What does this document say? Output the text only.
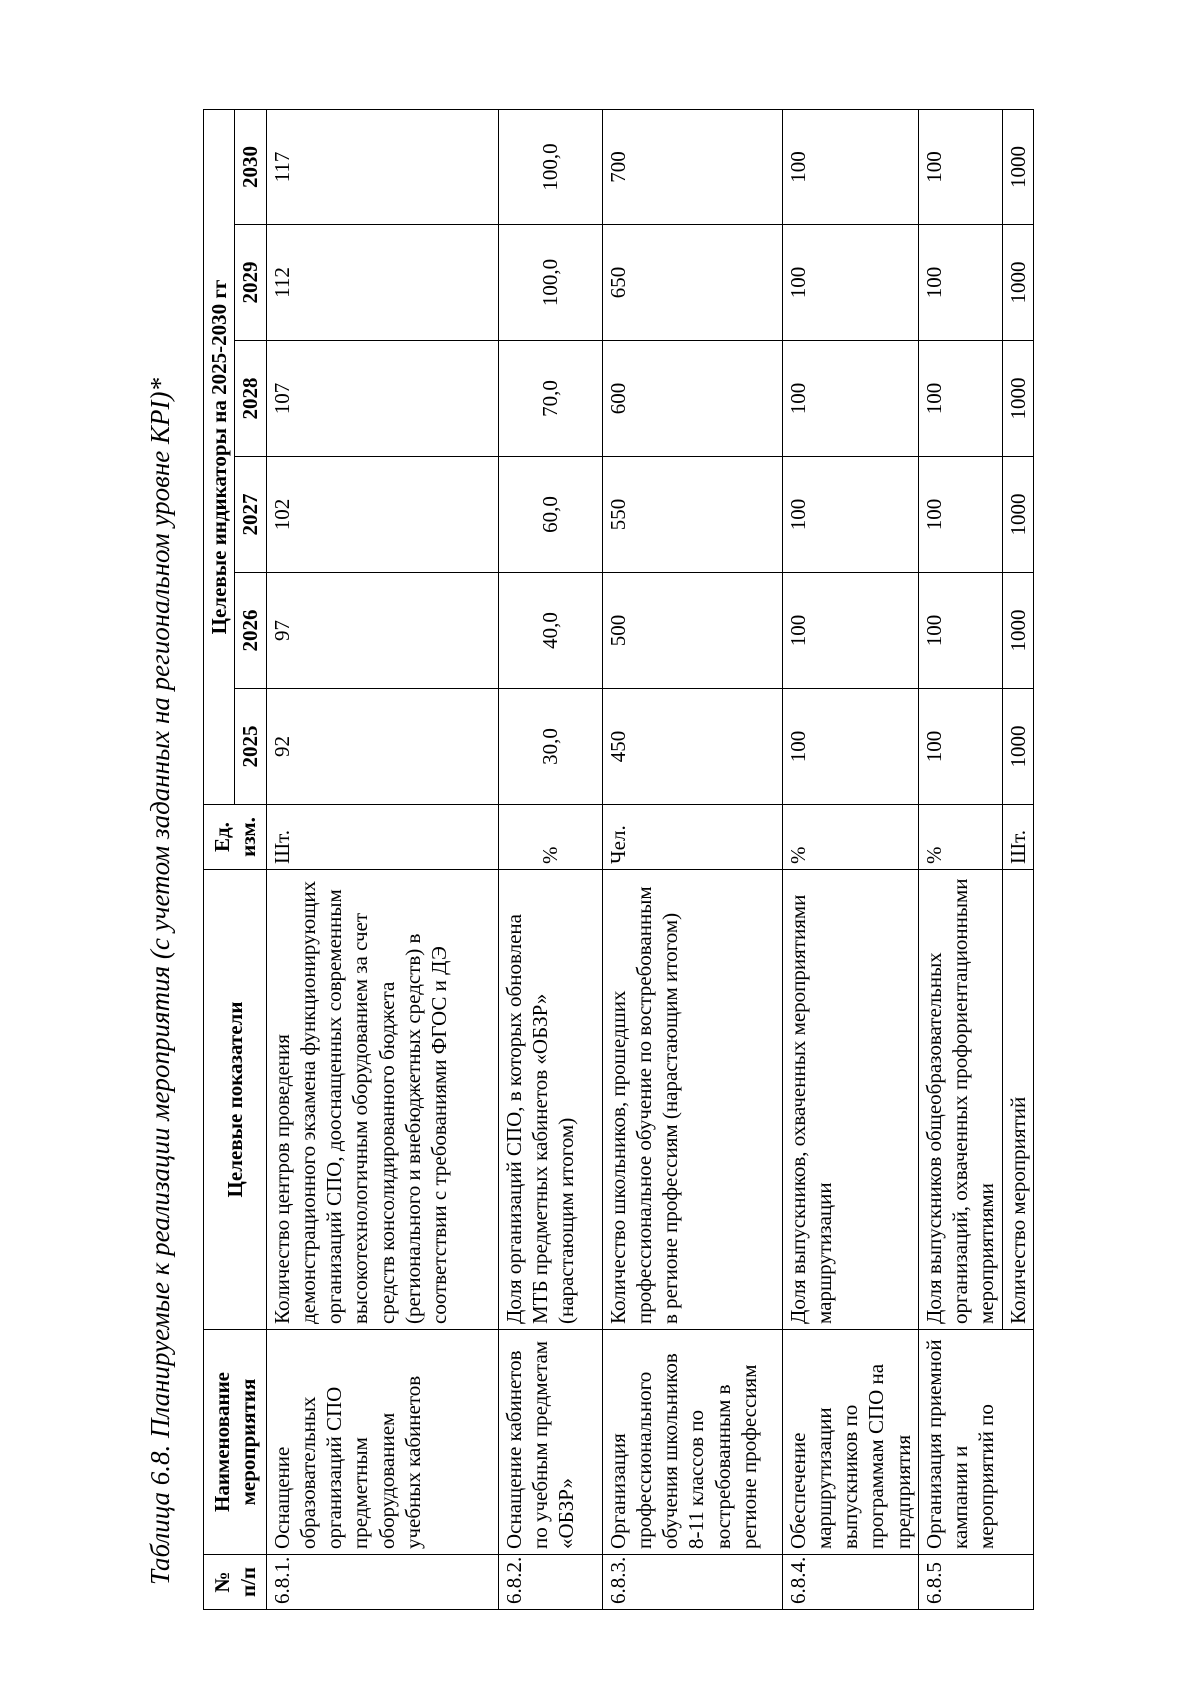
Таблица 6.8. Планируемые к реализации мероприятия (с учетом заданных на региональном уровне KPI)* № п/п	Наименование мероприятия	Целевые показатели	Ед. изм.	Целевые индикаторы на 2025-2030 гг					
				2025	2026	2027	2028	2029	2030
6.8.1.	Оснащение образовательных организаций СПО предметным оборудованием учебных кабинетов	Количество центров проведения демонстрационного экзамена функционирующих организаций СПО, дооснащенных современным высокотехнологичным оборудованием за счет средств консолидированного бюджета (регионального и внебюджетных средств) в соответствии с требованиями ФГОС и ДЭ	Шт.	92	97	102	107	112	117
6.8.2.	Оснащение кабинетов по учебным предметам «ОБЗР»	Доля организаций СПО, в которых обновлена МТБ предметных кабинетов «ОБЗР» (нарастающим итогом)	%	30,0	40,0	60,0	70,0	100,0	100,0
6.8.3.	Организация профессионального обучения школьников 8-11 классов по востребованным в регионе профессиям	Количество школьников, прошедших профессиональное обучение по востребованным в регионе профессиям (нарастающим итогом)	Чел.	450	500	550	600	650	700
6.8.4.	Обеспечение маршрутизации выпускников по программам СПО на предприятия	Доля выпускников, охваченных мероприятиями маршрутизации	%	100	100	100	100	100	100
6.8.5	Организация приемной кампании и мероприятий по	Доля выпускников общеобразовательных организаций, охваченных профориентационными мероприятиями	%	100	100	100	100	100	100
		Количество мероприятий	Шт.	1000	1000	1000	1000	1000	1000
